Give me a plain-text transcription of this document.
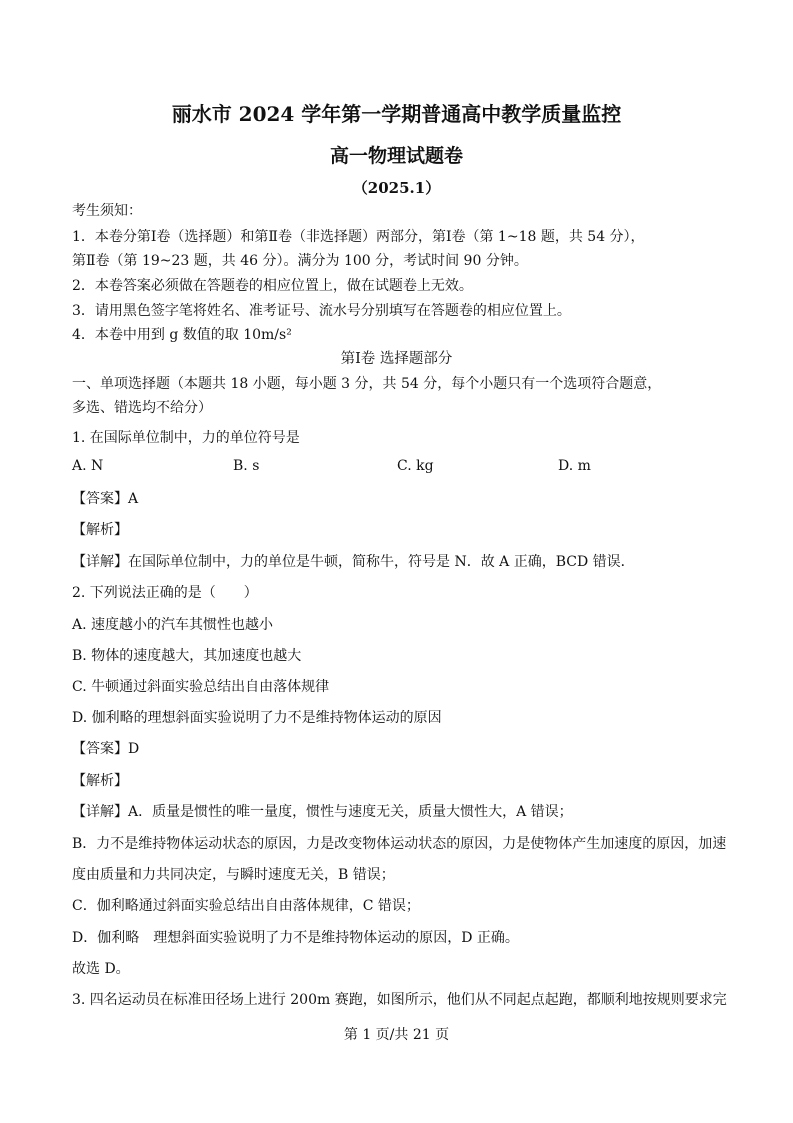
丽水市 2024 学年第一学期普通高中教学质量监控
高一物理试题卷
（2025.1）
考生须知：
1．本卷分第Ⅰ卷（选择题）和第Ⅱ卷（非选择题）两部分，第Ⅰ卷（第 1~18 题，共 54 分），
第Ⅱ卷（第 19~23 题，共 46 分）。满分为 100 分，考试时间 90 分钟。
2．本卷答案必须做在答题卷的相应位置上，做在试题卷上无效。
3．请用黑色签字笔将姓名、准考证号、流水号分别填写在答题卷的相应位置上。
4．本卷中用到 g 数值的取 10m/s²
第Ⅰ卷 选择题部分
一、单项选择题（本题共 18 小题，每小题 3 分，共 54 分，每个小题只有一个选项符合题意，
多选、错选均不给分）
1. 在国际单位制中，力的单位符号是
A. N	B. s	C. kg	D. m
【答案】A
【解析】
【详解】在国际单位制中，力的单位是牛顿，简称牛，符号是 N．故 A 正确，BCD 错误．
2. 下列说法正确的是（　　）
A. 速度越小的汽车其惯性也越小
B. 物体的速度越大，其加速度也越大
C. 牛顿通过斜面实验总结出自由落体规律
D. 伽利略的理想斜面实验说明了力不是维持物体运动的原因
【答案】D
【解析】
【详解】A．质量是惯性的唯一量度，惯性与速度无关，质量大惯性大，A 错误；
B．力不是维持物体运动状态的原因，力是改变物体运动状态的原因，力是使物体产生加速度的原因，加速
度由质量和力共同决定，与瞬时速度无关，B 错误；
C．伽利略通过斜面实验总结出自由落体规律，C 错误；
D．伽利略　理想斜面实验说明了力不是维持物体运动的原因，D 正确。
故选 D。
3. 四名运动员在标准田径场上进行 200m 赛跑，如图所示，他们从不同起点起跑，都顺利地按规则要求完
第 1 页/共 21 页
